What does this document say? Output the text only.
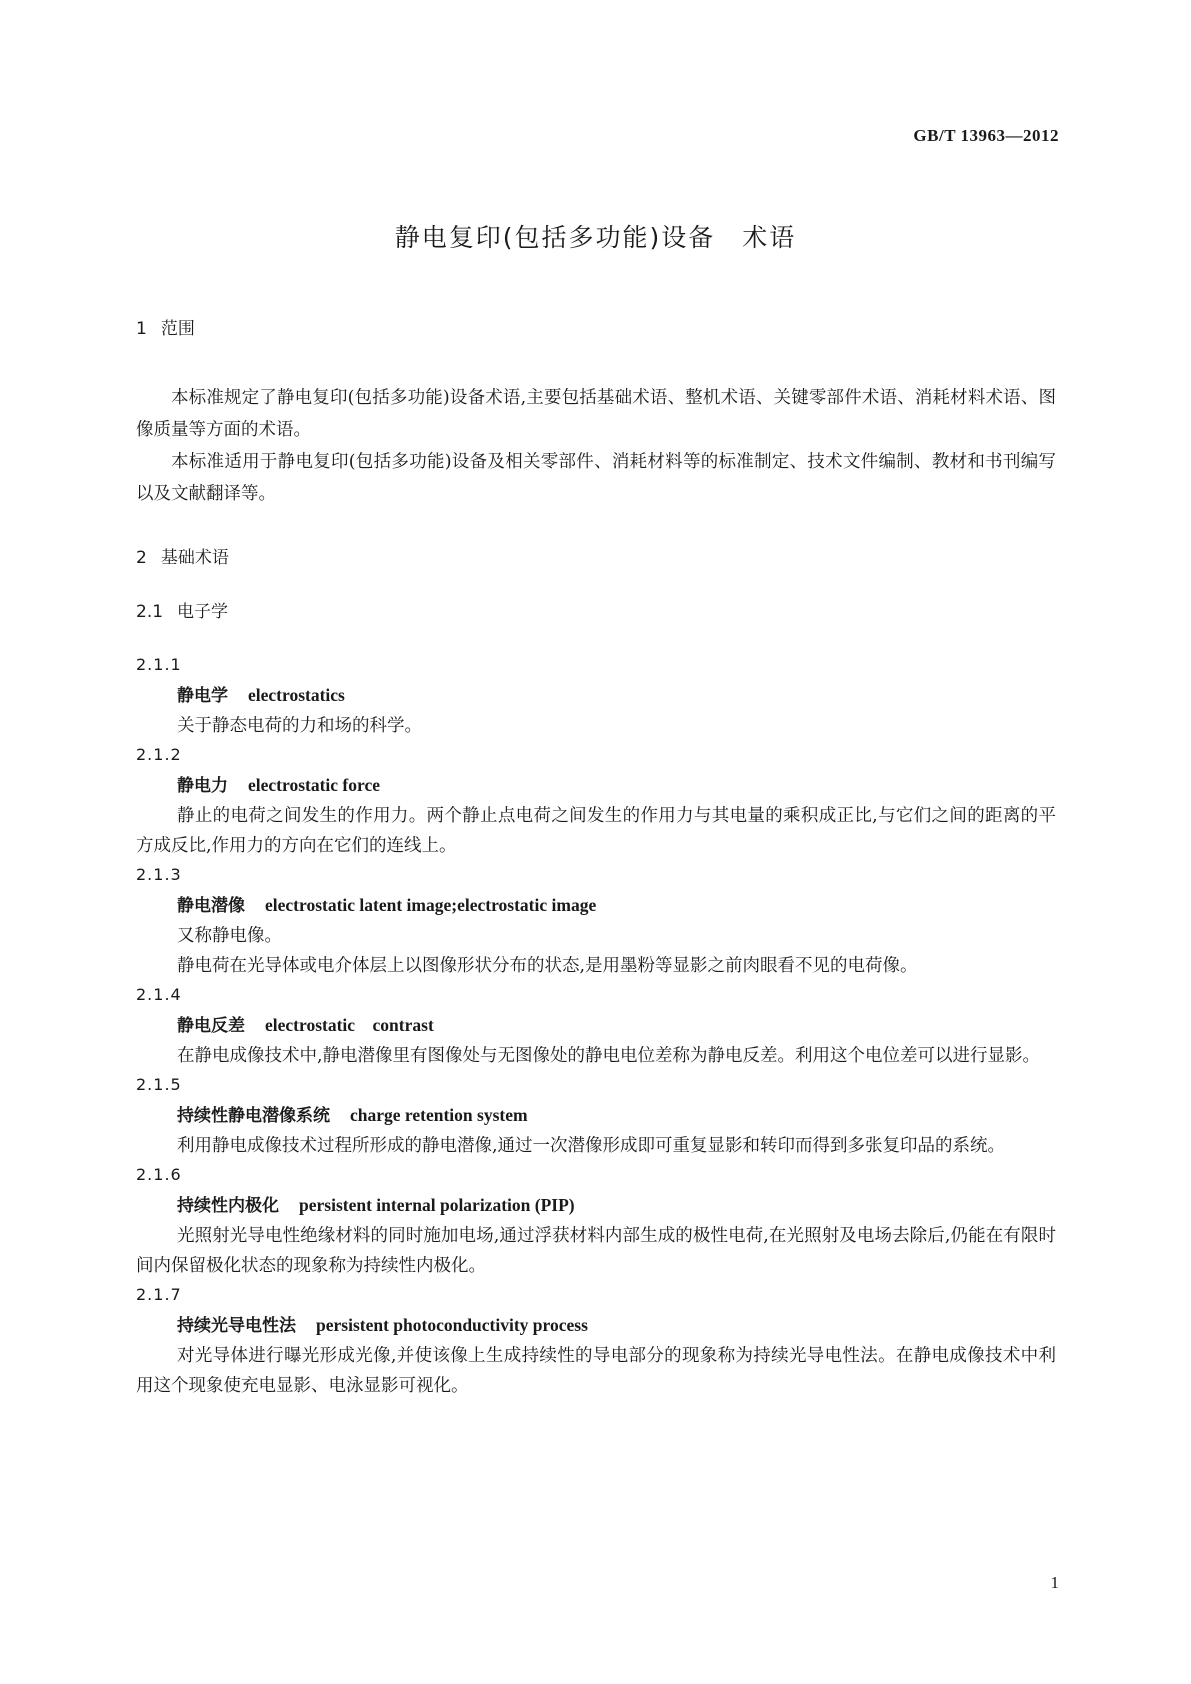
GB/T 13963—2012
静电复印(包括多功能)设备　术语
1 范围
本标准规定了静电复印(包括多功能)设备术语,主要包括基础术语、整机术语、关键零部件术语、消耗材料术语、图像质量等方面的术语。
本标准适用于静电复印(包括多功能)设备及相关零部件、消耗材料等的标准制定、技术文件编制、教材和书刊编写以及文献翻译等。
2 基础术语
2.1 电子学
2.1.1
静电学 electrostatics
关于静态电荷的力和场的科学。
2.1.2
静电力 electrostatic force
静止的电荷之间发生的作用力。两个静止点电荷之间发生的作用力与其电量的乘积成正比,与它们之间的距离的平方成反比,作用力的方向在它们的连线上。
2.1.3
静电潜像 electrostatic latent image;electrostatic image
又称静电像。
静电荷在光导体或电介体层上以图像形状分布的状态,是用墨粉等显影之前肉眼看不见的电荷像。
2.1.4
静电反差 electrostatic　contrast
在静电成像技术中,静电潜像里有图像处与无图像处的静电电位差称为静电反差。利用这个电位差可以进行显影。
2.1.5
持续性静电潜像系统 charge retention system
利用静电成像技术过程所形成的静电潜像,通过一次潜像形成即可重复显影和转印而得到多张复印品的系统。
2.1.6
持续性内极化 persistent internal polarization (PIP)
光照射光导电性绝缘材料的同时施加电场,通过浮获材料内部生成的极性电荷,在光照射及电场去除后,仍能在有限时间内保留极化状态的现象称为持续性内极化。
2.1.7
持续光导电性法 persistent photoconductivity process
对光导体进行曝光形成光像,并使该像上生成持续性的导电部分的现象称为持续光导电性法。在静电成像技术中利用这个现象使充电显影、电泳显影可视化。
1
